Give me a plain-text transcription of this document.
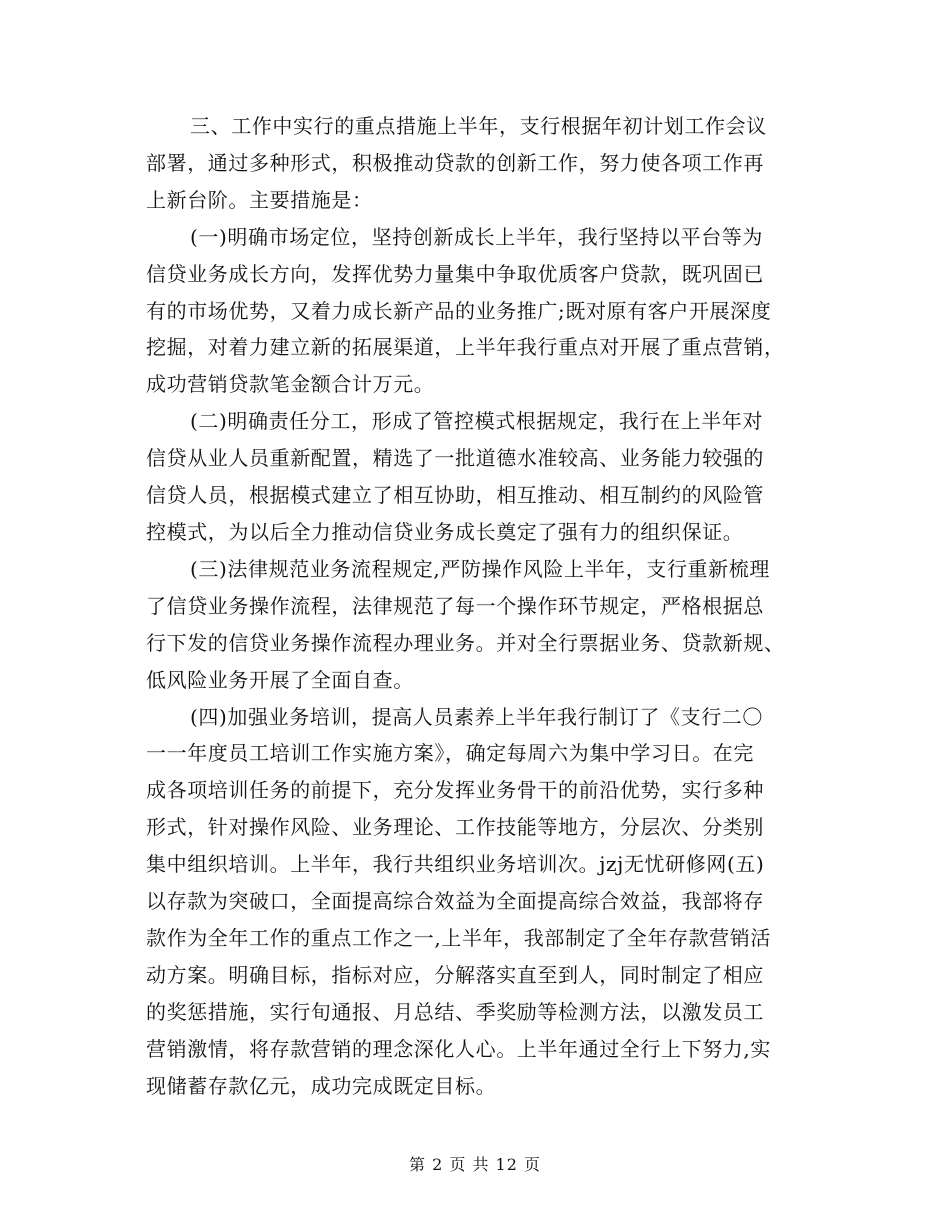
三、工作中实行的重点措施上半年，支行根据年初计划工作会议
部署，通过多种形式，积极推动贷款的创新工作，努力使各项工作再
上新台阶。主要措施是：

(一)明确市场定位，坚持创新成长上半年，我行坚持以平台等为
信贷业务成长方向，发挥优势力量集中争取优质客户贷款，既巩固已
有的市场优势，又着力成长新产品的业务推广;既对原有客户开展深度
挖掘，对着力建立新的拓展渠道，上半年我行重点对开展了重点营销，
成功营销贷款笔金额合计万元。

(二)明确责任分工，形成了管控模式根据规定，我行在上半年对
信贷从业人员重新配置，精选了一批道德水准较高、业务能力较强的
信贷人员，根据模式建立了相互协助，相互推动、相互制约的风险管
控模式，为以后全力推动信贷业务成长奠定了强有力的组织保证。

(三)法律规范业务流程规定,严防操作风险上半年，支行重新梳理
了信贷业务操作流程，法律规范了每一个操作环节规定，严格根据总
行下发的信贷业务操作流程办理业务。并对全行票据业务、贷款新规、
低风险业务开展了全面自查。

(四)加强业务培训，提高人员素养上半年我行制订了《支行二〇
一一年度员工培训工作实施方案》，确定每周六为集中学习日。在完
成各项培训任务的前提下，充分发挥业务骨干的前沿优势，实行多种
形式，针对操作风险、业务理论、工作技能等地方，分层次、分类别
集中组织培训。上半年，我行共组织业务培训次。jzj无忧研修网(五)
以存款为突破口，全面提高综合效益为全面提高综合效益，我部将存
款作为全年工作的重点工作之一,上半年，我部制定了全年存款营销活
动方案。明确目标，指标对应，分解落实直至到人，同时制定了相应
的奖惩措施，实行旬通报、月总结、季奖励等检测方法，以激发员工
营销激情，将存款营销的理念深化人心。上半年通过全行上下努力,实
现储蓄存款亿元，成功完成既定目标。

第 2 页 共 12 页
